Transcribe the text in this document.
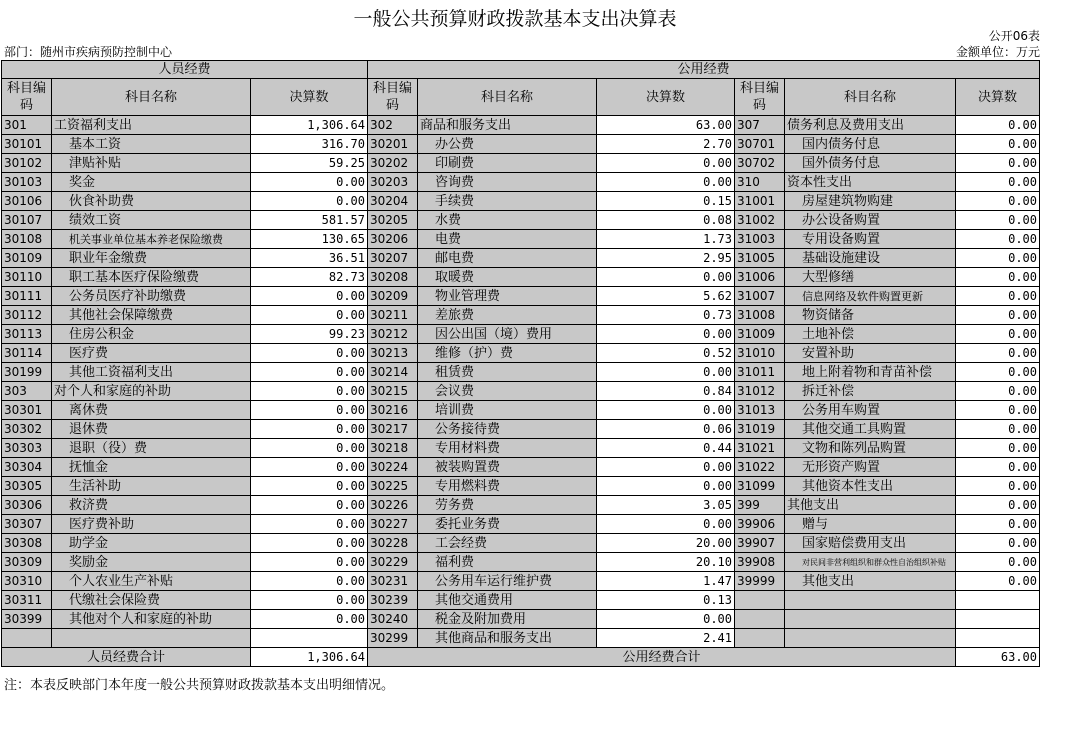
一般公共预算财政拨款基本支出决算表
公开06表
部门：随州市疾病预防控制中心	金额单位：万元
人员经费			公用经费					
科目编码	科目名称	决算数	科目编码	科目名称	决算数	科目编码	科目名称	决算数
301	工资福利支出	1,306.64	302	商品和服务支出	63.00	307	债务利息及费用支出	0.00
30101	基本工资	316.70	30201	办公费	2.70	30701	国内债务付息	0.00
30102	津贴补贴	59.25	30202	印刷费	0.00	30702	国外债务付息	0.00
30103	奖金	0.00	30203	咨询费	0.00	310	资本性支出	0.00
30106	伙食补助费	0.00	30204	手续费	0.15	31001	房屋建筑物购建	0.00
30107	绩效工资	581.57	30205	水费	0.08	31002	办公设备购置	0.00
30108	机关事业单位基本养老保险缴费	130.65	30206	电费	1.73	31003	专用设备购置	0.00
30109	职业年金缴费	36.51	30207	邮电费	2.95	31005	基础设施建设	0.00
30110	职工基本医疗保险缴费	82.73	30208	取暖费	0.00	31006	大型修缮	0.00
30111	公务员医疗补助缴费	0.00	30209	物业管理费	5.62	31007	信息网络及软件购置更新	0.00
30112	其他社会保障缴费	0.00	30211	差旅费	0.73	31008	物资储备	0.00
30113	住房公积金	99.23	30212	因公出国（境）费用	0.00	31009	土地补偿	0.00
30114	医疗费	0.00	30213	维修（护）费	0.52	31010	安置补助	0.00
30199	其他工资福利支出	0.00	30214	租赁费	0.00	31011	地上附着物和青苗补偿	0.00
303	对个人和家庭的补助	0.00	30215	会议费	0.84	31012	拆迁补偿	0.00
30301	离休费	0.00	30216	培训费	0.00	31013	公务用车购置	0.00
30302	退休费	0.00	30217	公务接待费	0.06	31019	其他交通工具购置	0.00
30303	退职（役）费	0.00	30218	专用材料费	0.44	31021	文物和陈列品购置	0.00
30304	抚恤金	0.00	30224	被装购置费	0.00	31022	无形资产购置	0.00
30305	生活补助	0.00	30225	专用燃料费	0.00	31099	其他资本性支出	0.00
30306	救济费	0.00	30226	劳务费	3.05	399	其他支出	0.00
30307	医疗费补助	0.00	30227	委托业务费	0.00	39906	赠与	0.00
30308	助学金	0.00	30228	工会经费	20.00	39907	国家赔偿费用支出	0.00
30309	奖励金	0.00	30229	福利费	20.10	39908	对民间非营利组织和群众性自治组织补贴	0.00
30310	个人农业生产补贴	0.00	30231	公务用车运行维护费	1.47	39999	其他支出	0.00
30311	代缴社会保险费	0.00	30239	其他交通费用	0.13			
30399	其他对个人和家庭的补助	0.00	30240	税金及附加费用	0.00			
			30299	其他商品和服务支出	2.41			
人员经费合计		1,306.64	公用经费合计					63.00
注：本表反映部门本年度一般公共预算财政拨款基本支出明细情况。
